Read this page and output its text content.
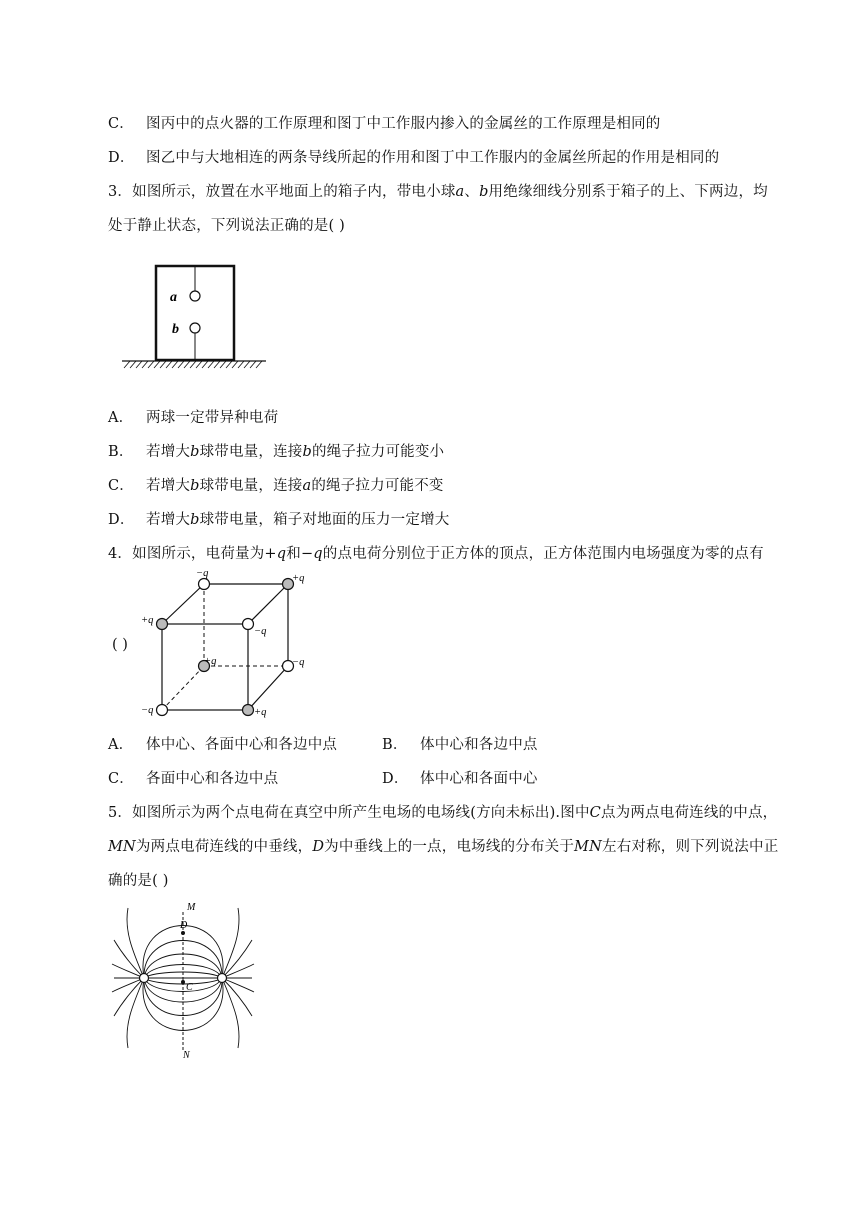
C． 图丙中的点火器的工作原理和图丁中工作服内掺入的金属丝的工作原理是相同的
D． 图乙中与大地相连的两条导线所起的作用和图丁中工作服内的金属丝所起的作用是相同的
3．如图所示，放置在水平地面上的箱子内，带电小球𝑎、𝑏用绝缘细线分别系于箱子的上、下两边，均
处于静止状态，下列说法正确的是( )
a
b
A． 两球一定带异种电荷
B． 若增大𝑏球带电量，连接𝑏的绳子拉力可能变小
C． 若增大𝑏球带电量，连接𝑎的绳子拉力可能不变
D． 若增大𝑏球带电量，箱子对地面的压力一定增大
4．如图所示，电荷量为+𝑞和−𝑞的点电荷分别位于正方体的顶点，正方体范围内电场强度为零的点有
( )
−q	+q
+q
−q
+q	−q
−q	+q
A． 体中心、各面中心和各边中点	B． 体中心和各边中点
C． 各面中心和各边中点	D． 体中心和各面中心
5．如图所示为两个点电荷在真空中所产生电场的电场线(方向未标出).图中𝐶点为两点电荷连线的中点，
𝑀𝑁为两点电荷连线的中垂线，𝐷为中垂线上的一点，电场线的分布关于𝑀𝑁左右对称，则下列说法中正
确的是( )
M
D
C
N
